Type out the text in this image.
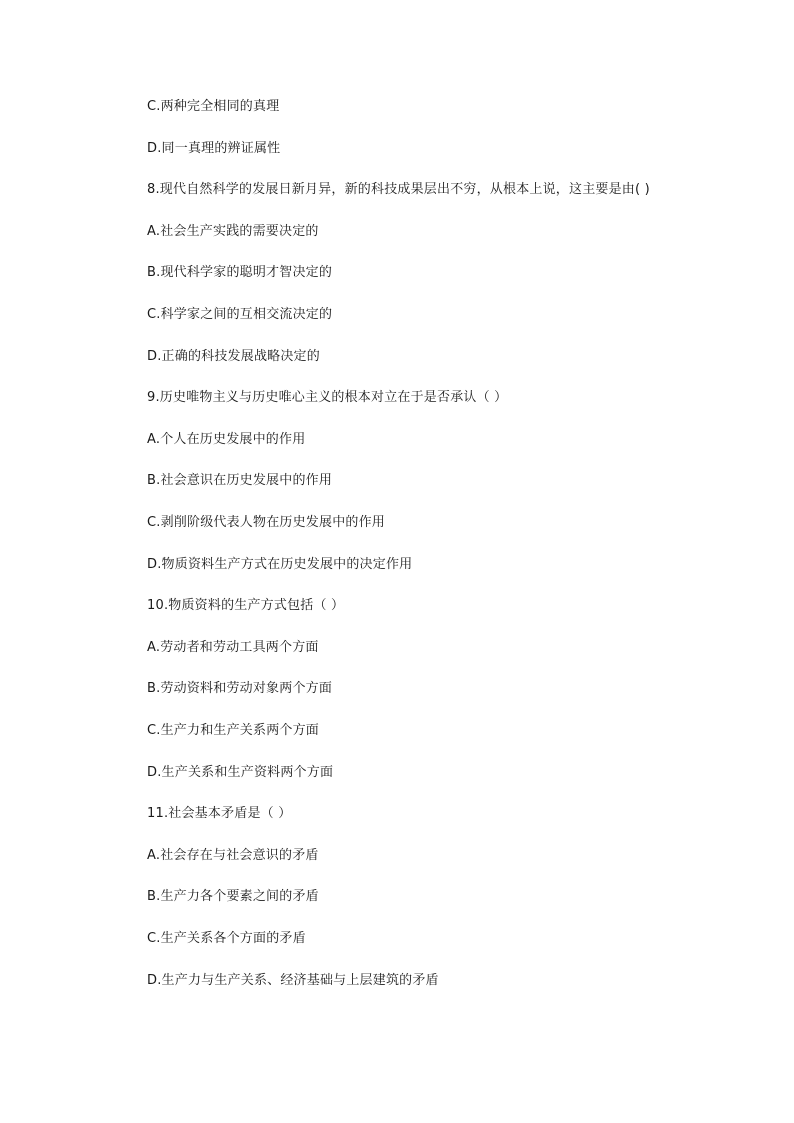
C.两种完全相同的真理
D.同一真理的辨证属性
8.现代自然科学的发展日新月异，新的科技成果层出不穷，从根本上说，这主要是由( )
A.社会生产实践的需要决定的
B.现代科学家的聪明才智决定的
C.科学家之间的互相交流决定的
D.正确的科技发展战略决定的
9.历史唯物主义与历史唯心主义的根本对立在于是否承认（ ）
A.个人在历史发展中的作用
B.社会意识在历史发展中的作用
C.剥削阶级代表人物在历史发展中的作用
D.物质资料生产方式在历史发展中的决定作用
10.物质资料的生产方式包括（ ）
A.劳动者和劳动工具两个方面
B.劳动资料和劳动对象两个方面
C.生产力和生产关系两个方面
D.生产关系和生产资料两个方面
11.社会基本矛盾是（ ）
A.社会存在与社会意识的矛盾
B.生产力各个要素之间的矛盾
C.生产关系各个方面的矛盾
D.生产力与生产关系、经济基础与上层建筑的矛盾
